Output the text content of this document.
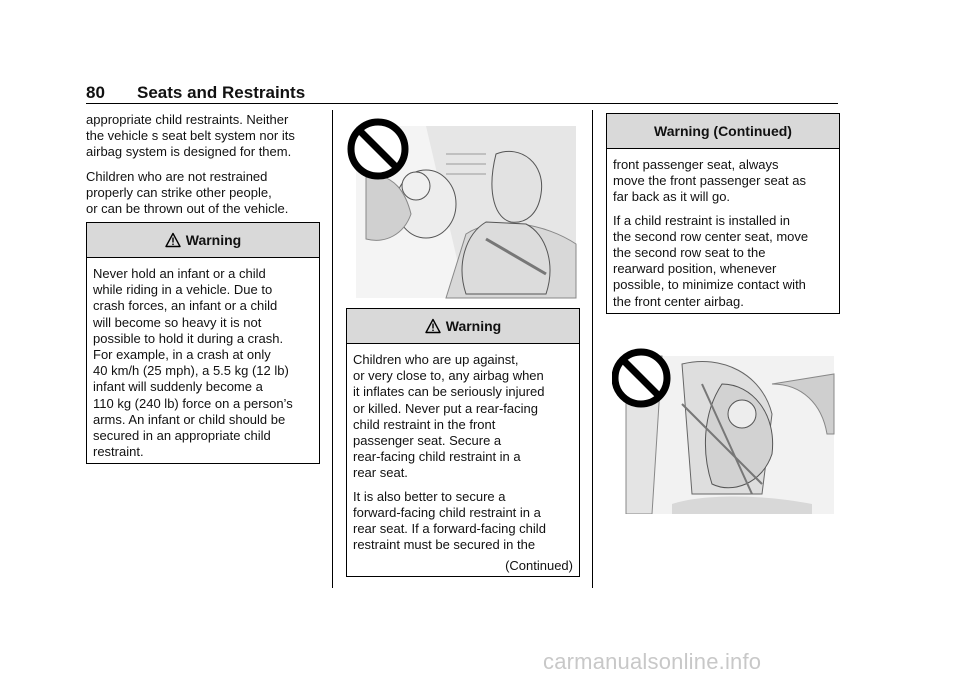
80 Seats and Restraints

appropriate child restraints. Neither
the vehicle s seat belt system nor its
airbag system is designed for them.

Children who are not restrained
properly can strike other people,
or can be thrown out of the vehicle.

Warning

Never hold an infant or a child
while riding in a vehicle. Due to
crash forces, an infant or a child
will become so heavy it is not
possible to hold it during a crash.
For example, in a crash at only
40 km/h (25 mph), a 5.5 kg (12 lb)
infant will suddenly become a
110 kg (240 lb) force on a person’s
arms. An infant or child should be
secured in an appropriate child
restraint.

Warning

Children who are up against,
or very close to, any airbag when
it inflates can be seriously injured
or killed. Never put a rear-facing
child restraint in the front
passenger seat. Secure a
rear-facing child restraint in a
rear seat.

It is also better to secure a
forward-facing child restraint in a
rear seat. If a forward-facing child
restraint must be secured in the

(Continued)
Warning (Continued)

front passenger seat, always
move the front passenger seat as
far back as it will go.

If a child restraint is installed in
the second row center seat, move
the second row seat to the
rearward position, whenever
possible, to minimize contact with
the front center airbag.

carmanualsonline.info
